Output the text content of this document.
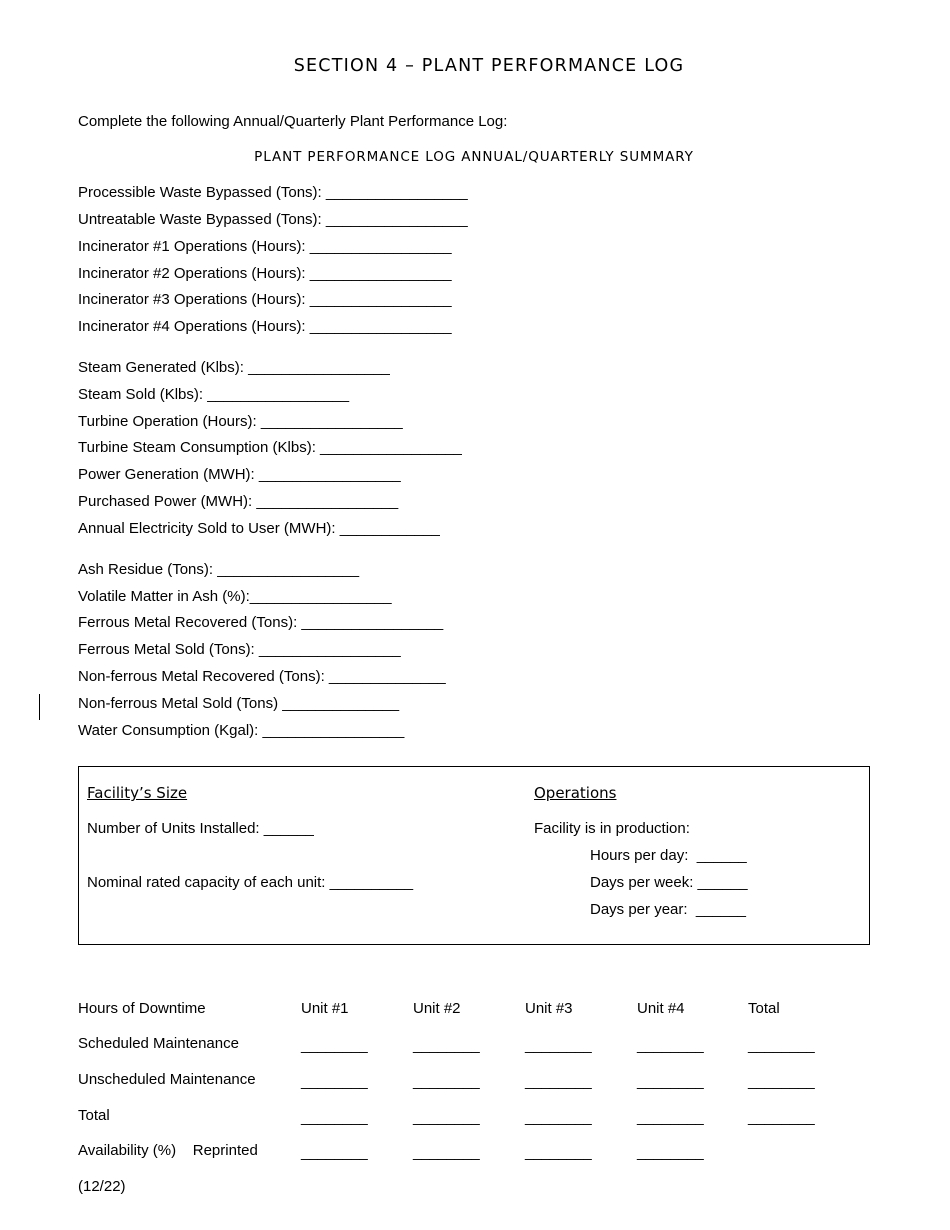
SECTION 4 – PLANT PERFORMANCE LOG
Complete the following Annual/Quarterly Plant Performance Log:
PLANT PERFORMANCE LOG ANNUAL/QUARTERLY SUMMARY
Processible Waste Bypassed (Tons): _________________
Untreatable Waste Bypassed (Tons): _________________
Incinerator #1 Operations (Hours): _________________
Incinerator #2 Operations (Hours): _________________
Incinerator #3 Operations (Hours): _________________
Incinerator #4 Operations (Hours): _________________
Steam Generated (Klbs): _________________
Steam Sold (Klbs): _________________
Turbine Operation (Hours): _________________
Turbine Steam Consumption (Klbs): _________________
Power Generation (MWH): _________________
Purchased Power (MWH): _________________
Annual Electricity Sold to User (MWH): ____________
Ash Residue (Tons): _________________
Volatile Matter in Ash (%):_________________
Ferrous Metal Recovered (Tons): _________________
Ferrous Metal Sold (Tons): _________________
Non-ferrous Metal Recovered (Tons): ______________
Non-ferrous Metal Sold (Tons) ______________
Water Consumption (Kgal): _________________
Facility’s Size
Number of Units Installed: ______
Nominal rated capacity of each unit: __________
Operations
Facility is in production:
Hours per day:  ______
Days per week: ______
Days per year:  ______
Hours of Downtime	Unit #1	Unit #2	Unit #3	Unit #4	Total
Scheduled Maintenance	________	________	________	________	________
Unscheduled Maintenance	________	________	________	________	________
Total	________	________	________	________	________
Availability (%)    Reprinted	________	________	________	________
(12/22)
